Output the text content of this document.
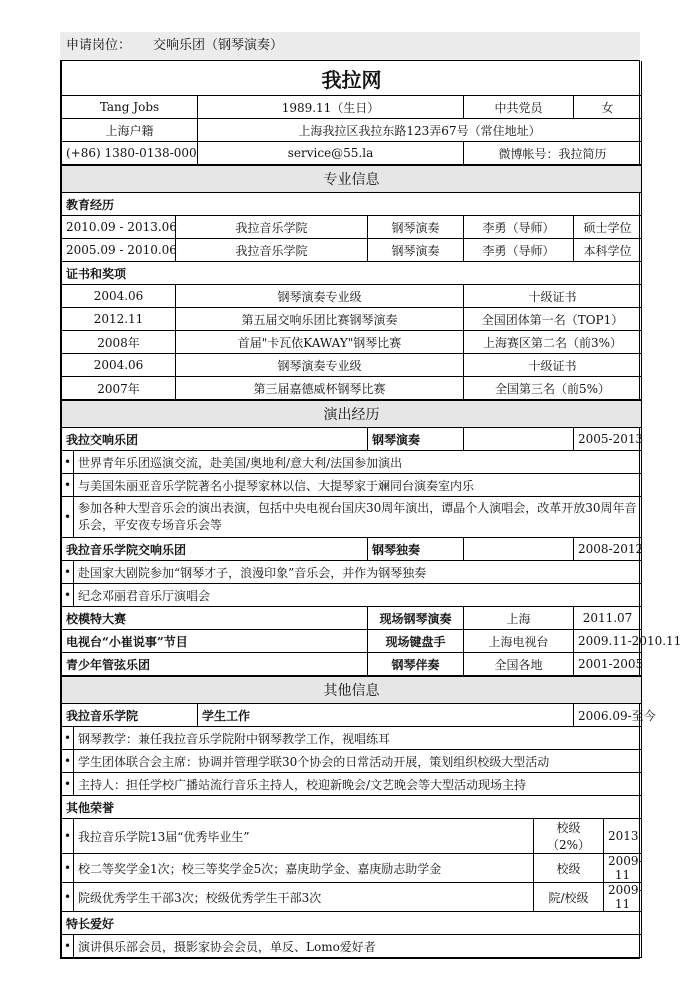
申请岗位： 交响乐团（钢琴演奏）
我拉网								
Tang Jobs			1989.11（生日）		中共党员		女	
上海户籍			上海我拉区我拉东路123弄67号（常住地址）					
(+86) 1380-0138-000			service@55.la		微博帐号：我拉简历			
专业信息								
教育经历								
2010.09 - 2013.06		我拉音乐学院		钢琴演奏	李勇（导师）		硕士学位	
2005.09 - 2010.06		我拉音乐学院		钢琴演奏	李勇（导师）		本科学位	
证书和奖项								
2004.06		钢琴演奏专业级			十级证书			
2012.11		第五届交响乐团比赛钢琴演奏			全国团体第一名（TOP1）			
2008年		首届"卡瓦依KAWAY"钢琴比赛			上海赛区第二名（前3%）			
2004.06		钢琴演奏专业级			十级证书			
2007年		第三届嘉德威杯钢琴比赛			全国第三名（前5%）			
演出经历								
我拉交响乐团				钢琴演奏			2005-2013	
•	世界青年乐团巡演交流，赴美国/奥地利/意大利/法国参加演出							
•	与美国朱丽亚音乐学院著名小提琴家林以信、大提琴家于斓同台演奏室内乐							
•	参加各种大型音乐会的演出表演，包括中央电视台国庆30周年演出，谭晶个人演唱会，改革开放30周年音乐会，平安夜专场音乐会等							
我拉音乐学院交响乐团				钢琴独奏			2008-2012	
•	赴国家大剧院参加“钢琴才子，浪漫印象”音乐会，并作为钢琴独奏							
•	纪念邓丽君音乐厅演唱会							
校模特大赛				现场钢琴演奏	上海		2011.07	
电视台“小崔说事”节目				现场键盘手	上海电视台		2009.11-2010.11	
青少年管弦乐团				钢琴伴奏	全国各地		2001-2005	
其他信息								
我拉音乐学院			学生工作				2006.09-至今	
•	钢琴教学：兼任我拉音乐学院附中钢琴教学工作，视唱练耳							
•	学生团体联合会主席：协调并管理学联30个协会的日常活动开展，策划组织校级大型活动							
•	主持人：担任学校广播站流行音乐主持人，校迎新晚会/文艺晚会等大型活动现场主持							
其他荣誉								
•	我拉音乐学院13届“优秀毕业生”					校级（2%）		2013
•	校二等奖学金1次；校三等奖学金5次；嘉庚助学金、嘉庚励志助学金					校级		2009-11
•	院级优秀学生干部3次；校级优秀学生干部3次					院/校级		2009-11
特长爱好								
•	演讲俱乐部会员，摄影家协会会员，单反、Lomo爱好者							
